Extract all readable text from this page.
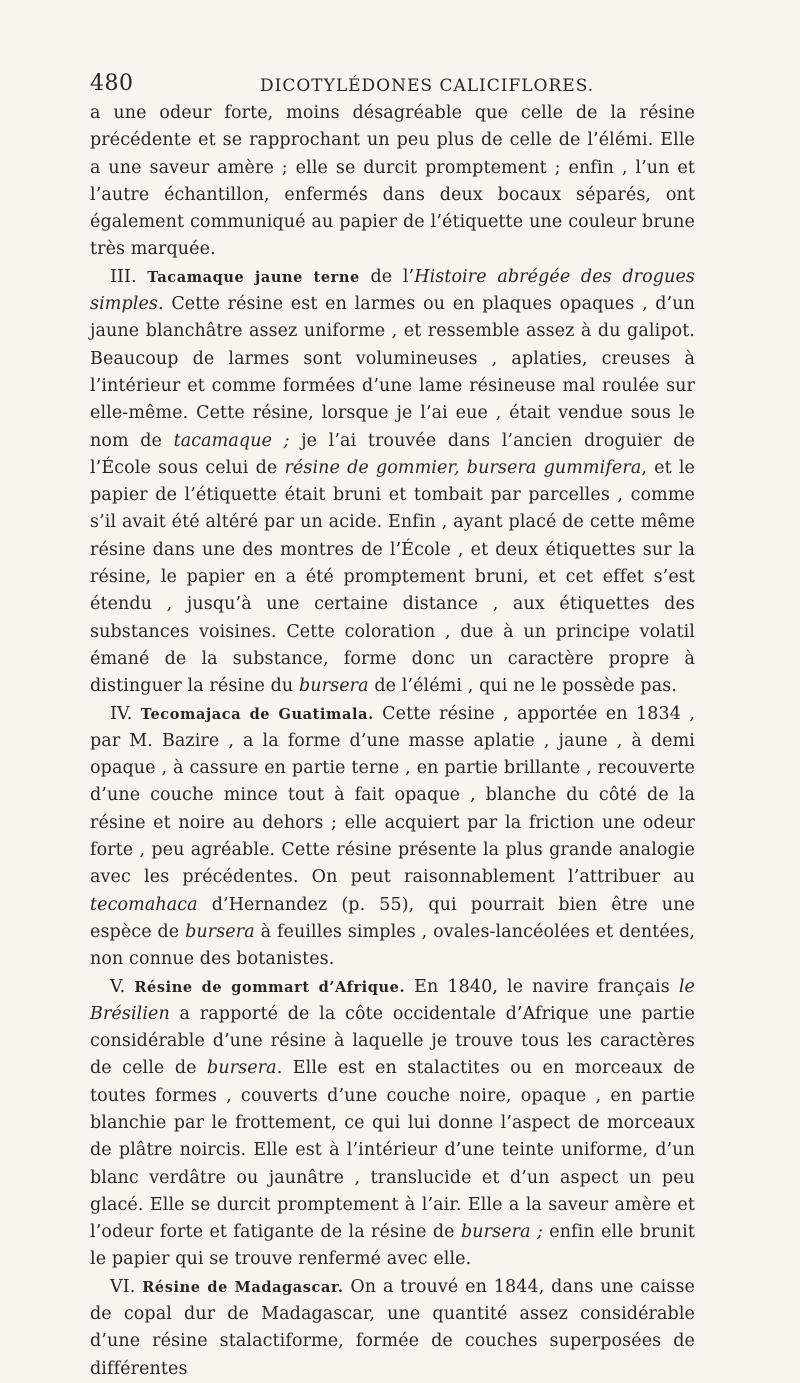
480	DICOTYLÉDONES CALICIFLORES.

a une odeur forte, moins désagréable que celle de la résine précédente et se rapprochant un peu plus de celle de l’élémi. Elle a une saveur amère ; elle se durcit promptement ; enfin , l’un et l’autre échantillon, enfermés dans deux bocaux séparés, ont également communiqué au papier de l’étiquette une couleur brune très marquée.

III. Tacamaque jaune terne de l’Histoire abrégée des drogues simples. Cette résine est en larmes ou en plaques opaques , d’un jaune blanchâtre assez uniforme , et ressemble assez à du galipot. Beaucoup de larmes sont volumineuses , aplaties, creuses à l’intérieur et comme formées d’une lame résineuse mal roulée sur elle-même. Cette résine, lorsque je l’ai eue , était vendue sous le nom de tacamaque ; je l’ai trouvée dans l’ancien droguier de l’École sous celui de résine de gommier, bursera gummifera, et le papier de l’étiquette était bruni et tombait par parcelles , comme s’il avait été altéré par un acide. Enfin , ayant placé de cette même résine dans une des montres de l’École , et deux étiquettes sur la résine, le papier en a été promptement bruni, et cet effet s’est étendu , jusqu’à une certaine distance , aux étiquettes des substances voisines. Cette coloration , due à un principe volatil émané de la substance, forme donc un caractère propre à distinguer la résine du bursera de l’élémi , qui ne le possède pas.

IV. Tecomajaca de Guatimala. Cette résine , apportée en 1834 , par M. Bazire , a la forme d’une masse aplatie , jaune , à demi opaque , à cassure en partie terne , en partie brillante , recouverte d’une couche mince tout à fait opaque , blanche du côté de la résine et noire au dehors ; elle acquiert par la friction une odeur forte , peu agréable. Cette résine présente la plus grande analogie avec les précédentes. On peut raisonnablement l’attribuer au tecomahaca d’Hernandez (p. 55), qui pourrait bien être une espèce de bursera à feuilles simples , ovales-lancéolées et dentées, non connue des botanistes.

V. Résine de gommart d’Afrique. En 1840, le navire français le Brésilien a rapporté de la côte occidentale d’Afrique une partie considérable d’une résine à laquelle je trouve tous les caractères de celle de bursera. Elle est en stalactites ou en morceaux de toutes formes , couverts d’une couche noire, opaque , en partie blanchie par le frottement, ce qui lui donne l’aspect de morceaux de plâtre noircis. Elle est à l’intérieur d’une teinte uniforme, d’un blanc verdâtre ou jaunâtre , translucide et d’un aspect un peu glacé. Elle se durcit promptement à l’air. Elle a la saveur amère et l’odeur forte et fatigante de la résine de bursera ; enfin elle brunit le papier qui se trouve renfermé avec elle.

VI. Résine de Madagascar. On a trouvé en 1844, dans une caisse de copal dur de Madagascar, une quantité assez considérable d’une résine stalactiforme, formée de couches superposées de différentes
